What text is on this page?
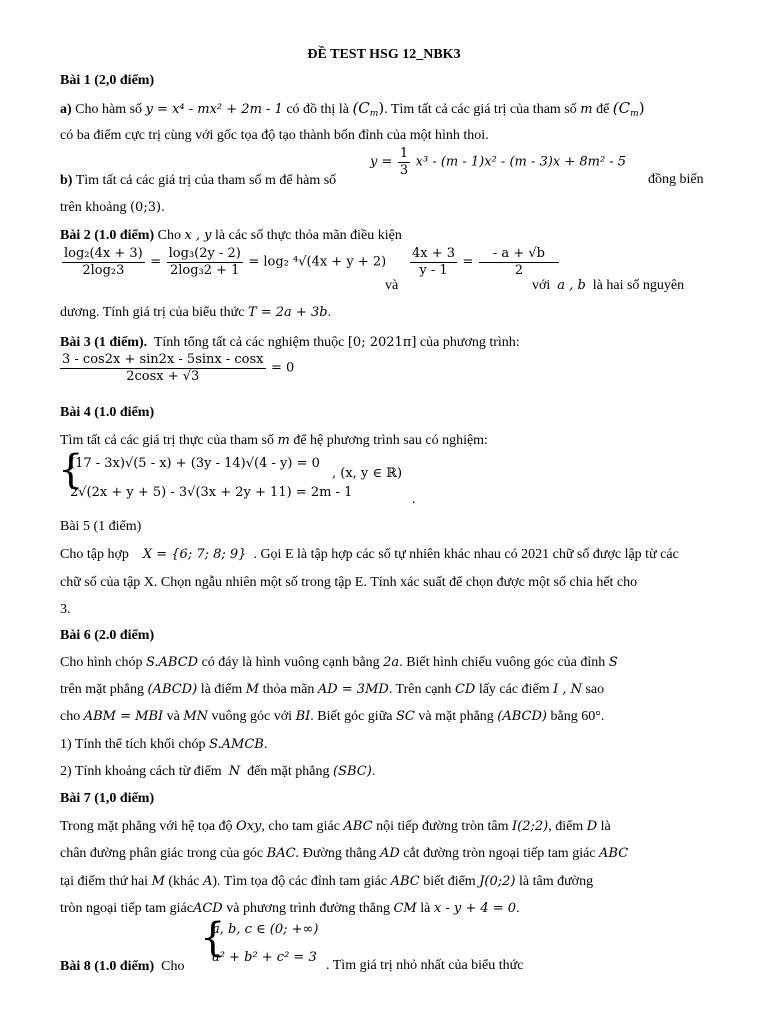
ĐỀ TEST HSG 12_NBK3
Bài 1 (2,0 điểm)
a) Cho hàm số y = x⁴ - mx² + 2m - 1 có đồ thị là $(C_m)$. Tìm tất cả các giá trị của tham số m để $(C_m)$
có ba điểm cực trị cùng với gốc tọa độ tạo thành bốn đỉnh của một hình thoi.
$y = \frac{1}{3} x^3 - (m - 1)x^2 - (m - 3)x + 8m^2 - 5$
b) Tìm tất cả các giá trị của tham số m để hàm số	đồng biến
trên khoảng (0;3).
Bài 2 (1.0 điểm) Cho x , y là các số thực thỏa mãn điều kiện
$\frac{\text{log₂(4x + 3)}}{\text{2log₂3}} = \frac{\text{log₃(2y - 2)}}{\text{2log₃2 + 1}} = \log_2$ ⁴√(4x + y + 2)
và
$\frac{4x + 3}{y - 1} = \frac{- a + √b}{2}$
với a , b là hai số nguyên
dương. Tính giá trị của biểu thức T = 2a + 3b.
Bài 3 (1 điểm). Tính tổng tất cả các nghiệm thuộc [0; 2021π] của phương trình:
$\frac{3 - \cos 2x + \sin 2x - 5\sin x - \cos x}{2\cos x + √3} = 0$
Bài 4 (1.0 điểm)
Tìm tất cả các giá trị thực của tham số m để hệ phương trình sau có nghiệm:
{
(17 - 3x)√(5 - x) + (3y - 14)√(4 - y) = 0
2√(2x + y + 5) - 3√(3x + 2y + 11) = 2m - 1
, (x, y ∈ ℝ)
.
Bài 5 (1 điểm)
Cho tập hợp X = {6; 7; 8; 9} . Gọi E là tập hợp các số tự nhiên khác nhau có 2021 chữ số được lập từ các
chữ số của tập X. Chọn ngẫu nhiên một số trong tập E. Tính xác suất để chọn được một số chia hết cho
3.
Bài 6 (2.0 điểm)
Cho hình chóp S.ABCD có đáy là hình vuông cạnh bằng 2a. Biết hình chiếu vuông góc của đỉnh S
trên mặt phẳng (ABCD) là điểm M thỏa mãn AD = 3MD. Trên cạnh CD lấy các điểm I , N sao
cho ABM = MBI và MN vuông góc với BI. Biết góc giữa SC và mặt phẳng (ABCD) bằng 60°.
1) Tính thể tích khối chóp S.AMCB.
2) Tính khoảng cách từ điểm N đến mặt phẳng (SBC).
Bài 7 (1,0 điểm)
Trong mặt phẳng với hệ tọa độ Oxy, cho tam giác ABC nội tiếp đường tròn tâm I(2;2), điểm D là
chân đường phân giác trong của góc BAC. Đường thẳng AD cắt đường tròn ngoại tiếp tam giác ABC
tại điểm thứ hai M (khác A). Tìm tọa độ các đỉnh tam giác ABC biết điểm J(0;2) là tâm đường
tròn ngoại tiếp tam giácACD và phương trình đường thẳng CM là x - y + 4 = 0.
{
a, b, c ∈ (0; +∞)
a² + b² + c² = 3
Bài 8 (1.0 điểm) Cho	. Tìm giá trị nhỏ nhất của biểu thức
